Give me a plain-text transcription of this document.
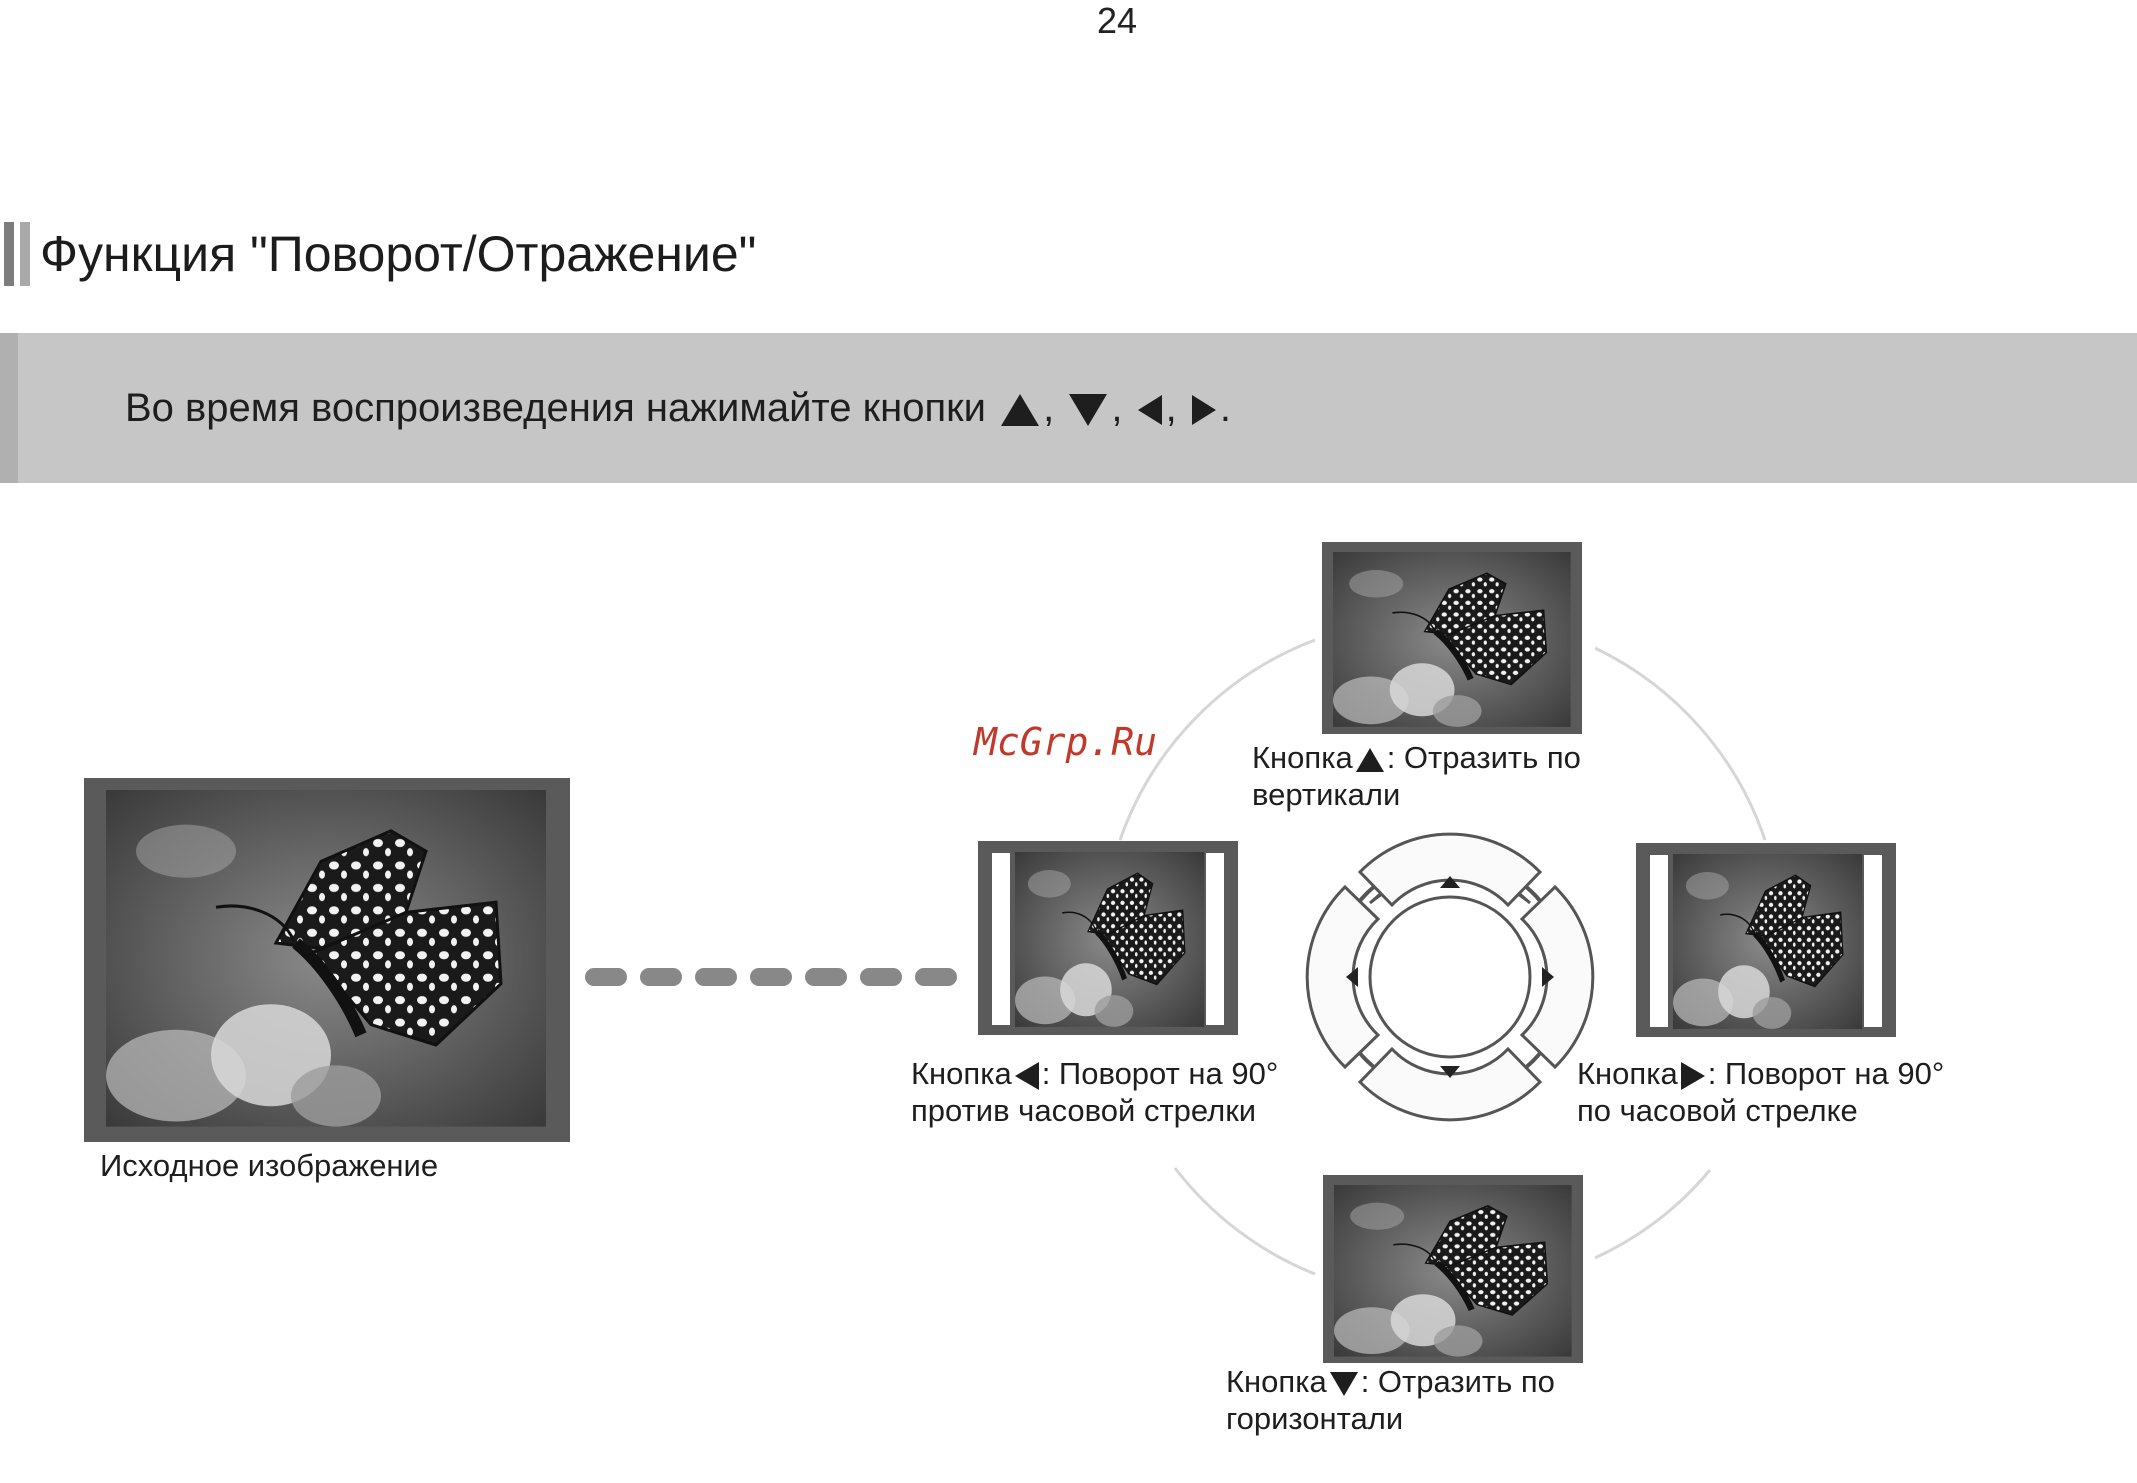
24
Функция "Поворот/Отражение"
Во время воспроизведения нажимайте кнопки , , , .
McGrp.Ru
Исходное изображение
Кнопка : Отразить по
вертикали
Кнопка : Поворот на 90°
против часовой стрелки
Кнопка : Поворот на 90°
по часовой стрелке
Кнопка : Отразить по
горизонтали
